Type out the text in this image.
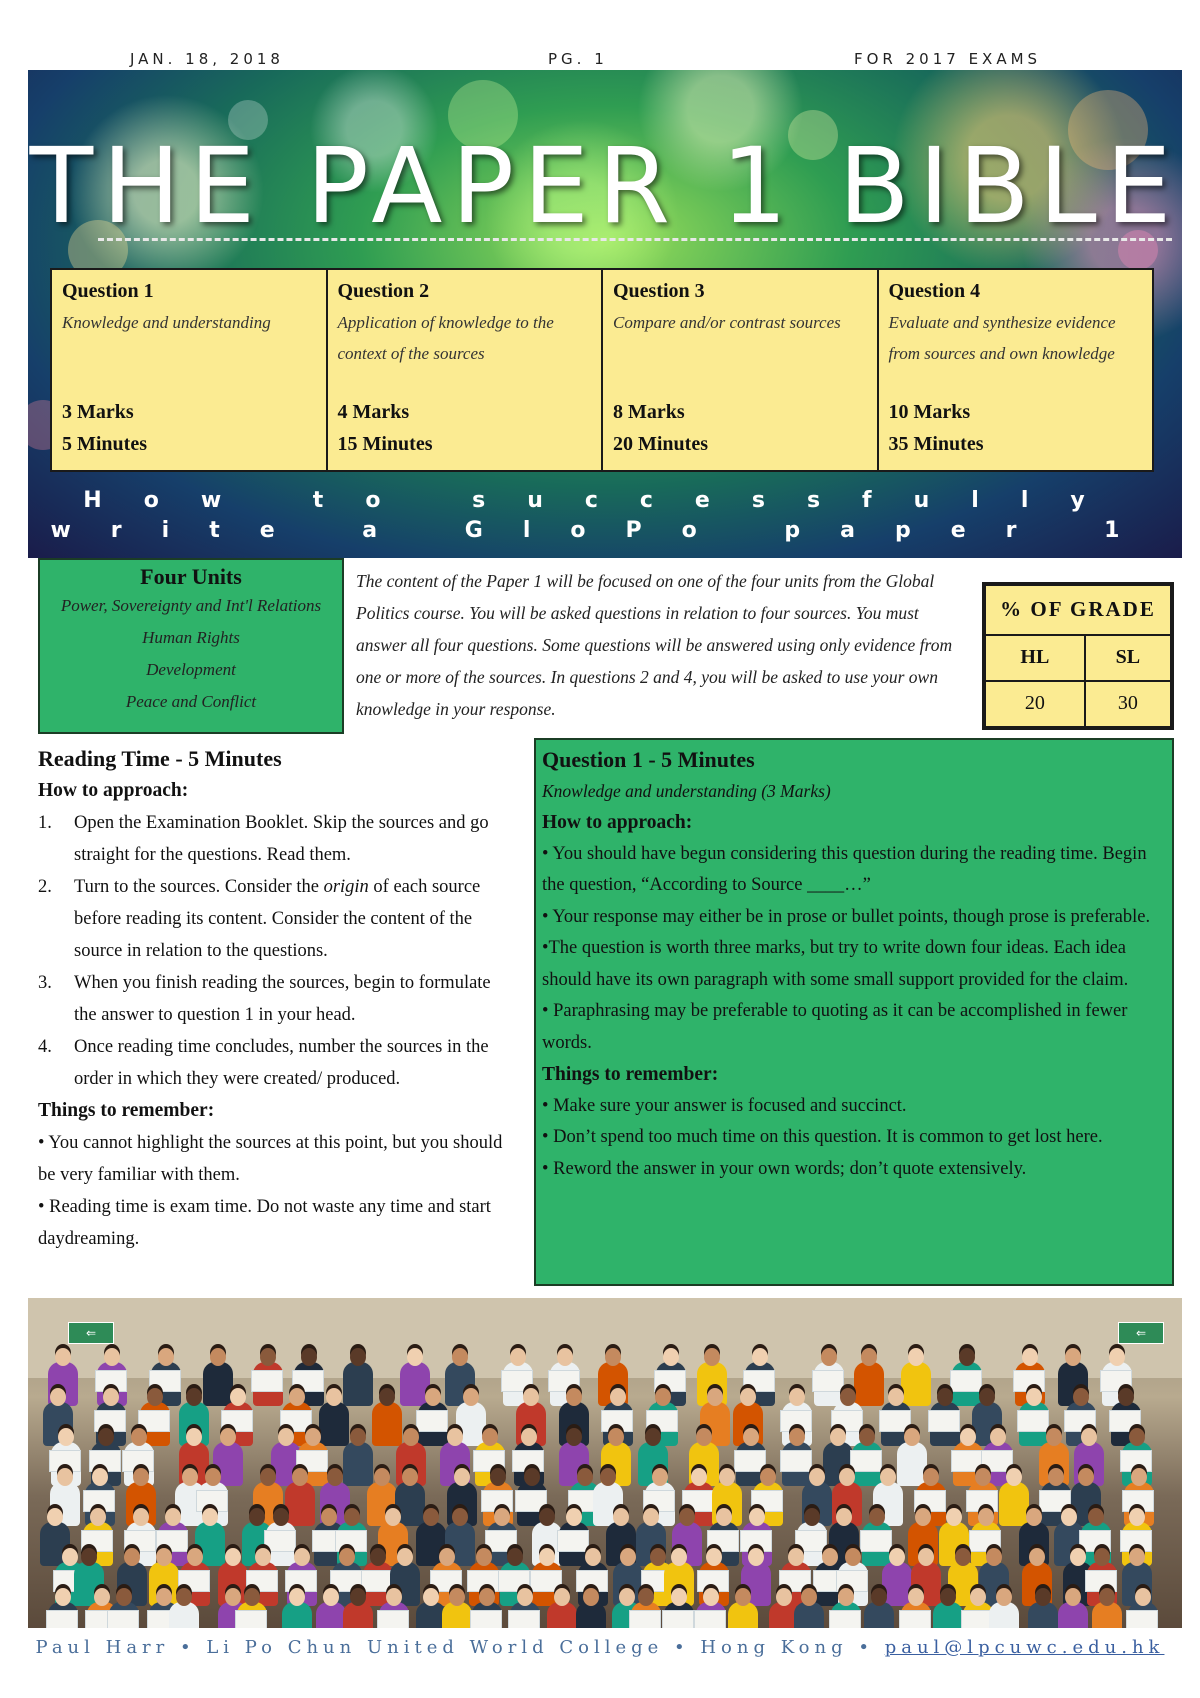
JAN. 18, 2018	PG. 1	FOR 2017 EXAMS
THE PAPER 1 BIBLE
Question 1
Knowledge and understanding
3 Marks
5 Minutes
Question 2
Application of knowledge to the context of the sources
4 Marks
15 Minutes
Question 3
Compare and/or contrast sources
8 Marks
20 Minutes
Question 4
Evaluate and synthesize evidence from sources and own knowledge
10 Marks
35 Minutes
How to successfully
write a GloPo paper 1
Four Units
Power, Sovereignty and Int'l Relations
Human Rights
Development
Peace and Conflict
The content of the Paper 1 will be focused on one of the four units from the Global Politics course. You will be asked questions in relation to four sources. You must answer all four questions. Some questions will be answered using only evidence from one or more of the sources. In questions 2 and 4, you will be asked to use your own knowledge in your response.
% OF GRADE	
HL	SL
20	30
Reading Time - 5 Minutes
How to approach:
1. Open the Examination Booklet. Skip the sources and go straight for the questions. Read them.
2. Turn to the sources. Consider the origin of each source before reading its content. Consider the content of the source in relation to the questions.
3. When you finish reading the sources, begin to formulate the answer to question 1 in your head.
4. Once reading time concludes, number the sources in the order in which they were created/ produced.
Things to remember:
• You cannot highlight the sources at this point, but you should be very familiar with them.
• Reading time is exam time. Do not waste any time and start daydreaming.
Question 1 - 5 Minutes
Knowledge and understanding (3 Marks)
How to approach:
• You should have begun considering this question during the reading time. Begin the question, “According to Source ____…”
• Your response may either be in prose or bullet points, though prose is preferable.
•The question is worth three marks, but try to write down four ideas. Each idea should have its own paragraph with some small support provided for the claim.
• Paraphrasing may be preferable to quoting as it can be accomplished in fewer words.
Things to remember:
• Make sure your answer is focused and succinct.
• Don’t spend too much time on this question. It is common to get lost here.
• Reword the answer in your own words; don’t quote extensively.
⇐	⇐
Paul Harr • Li Po Chun United World College • Hong Kong • paul@lpcuwc.edu.hk
